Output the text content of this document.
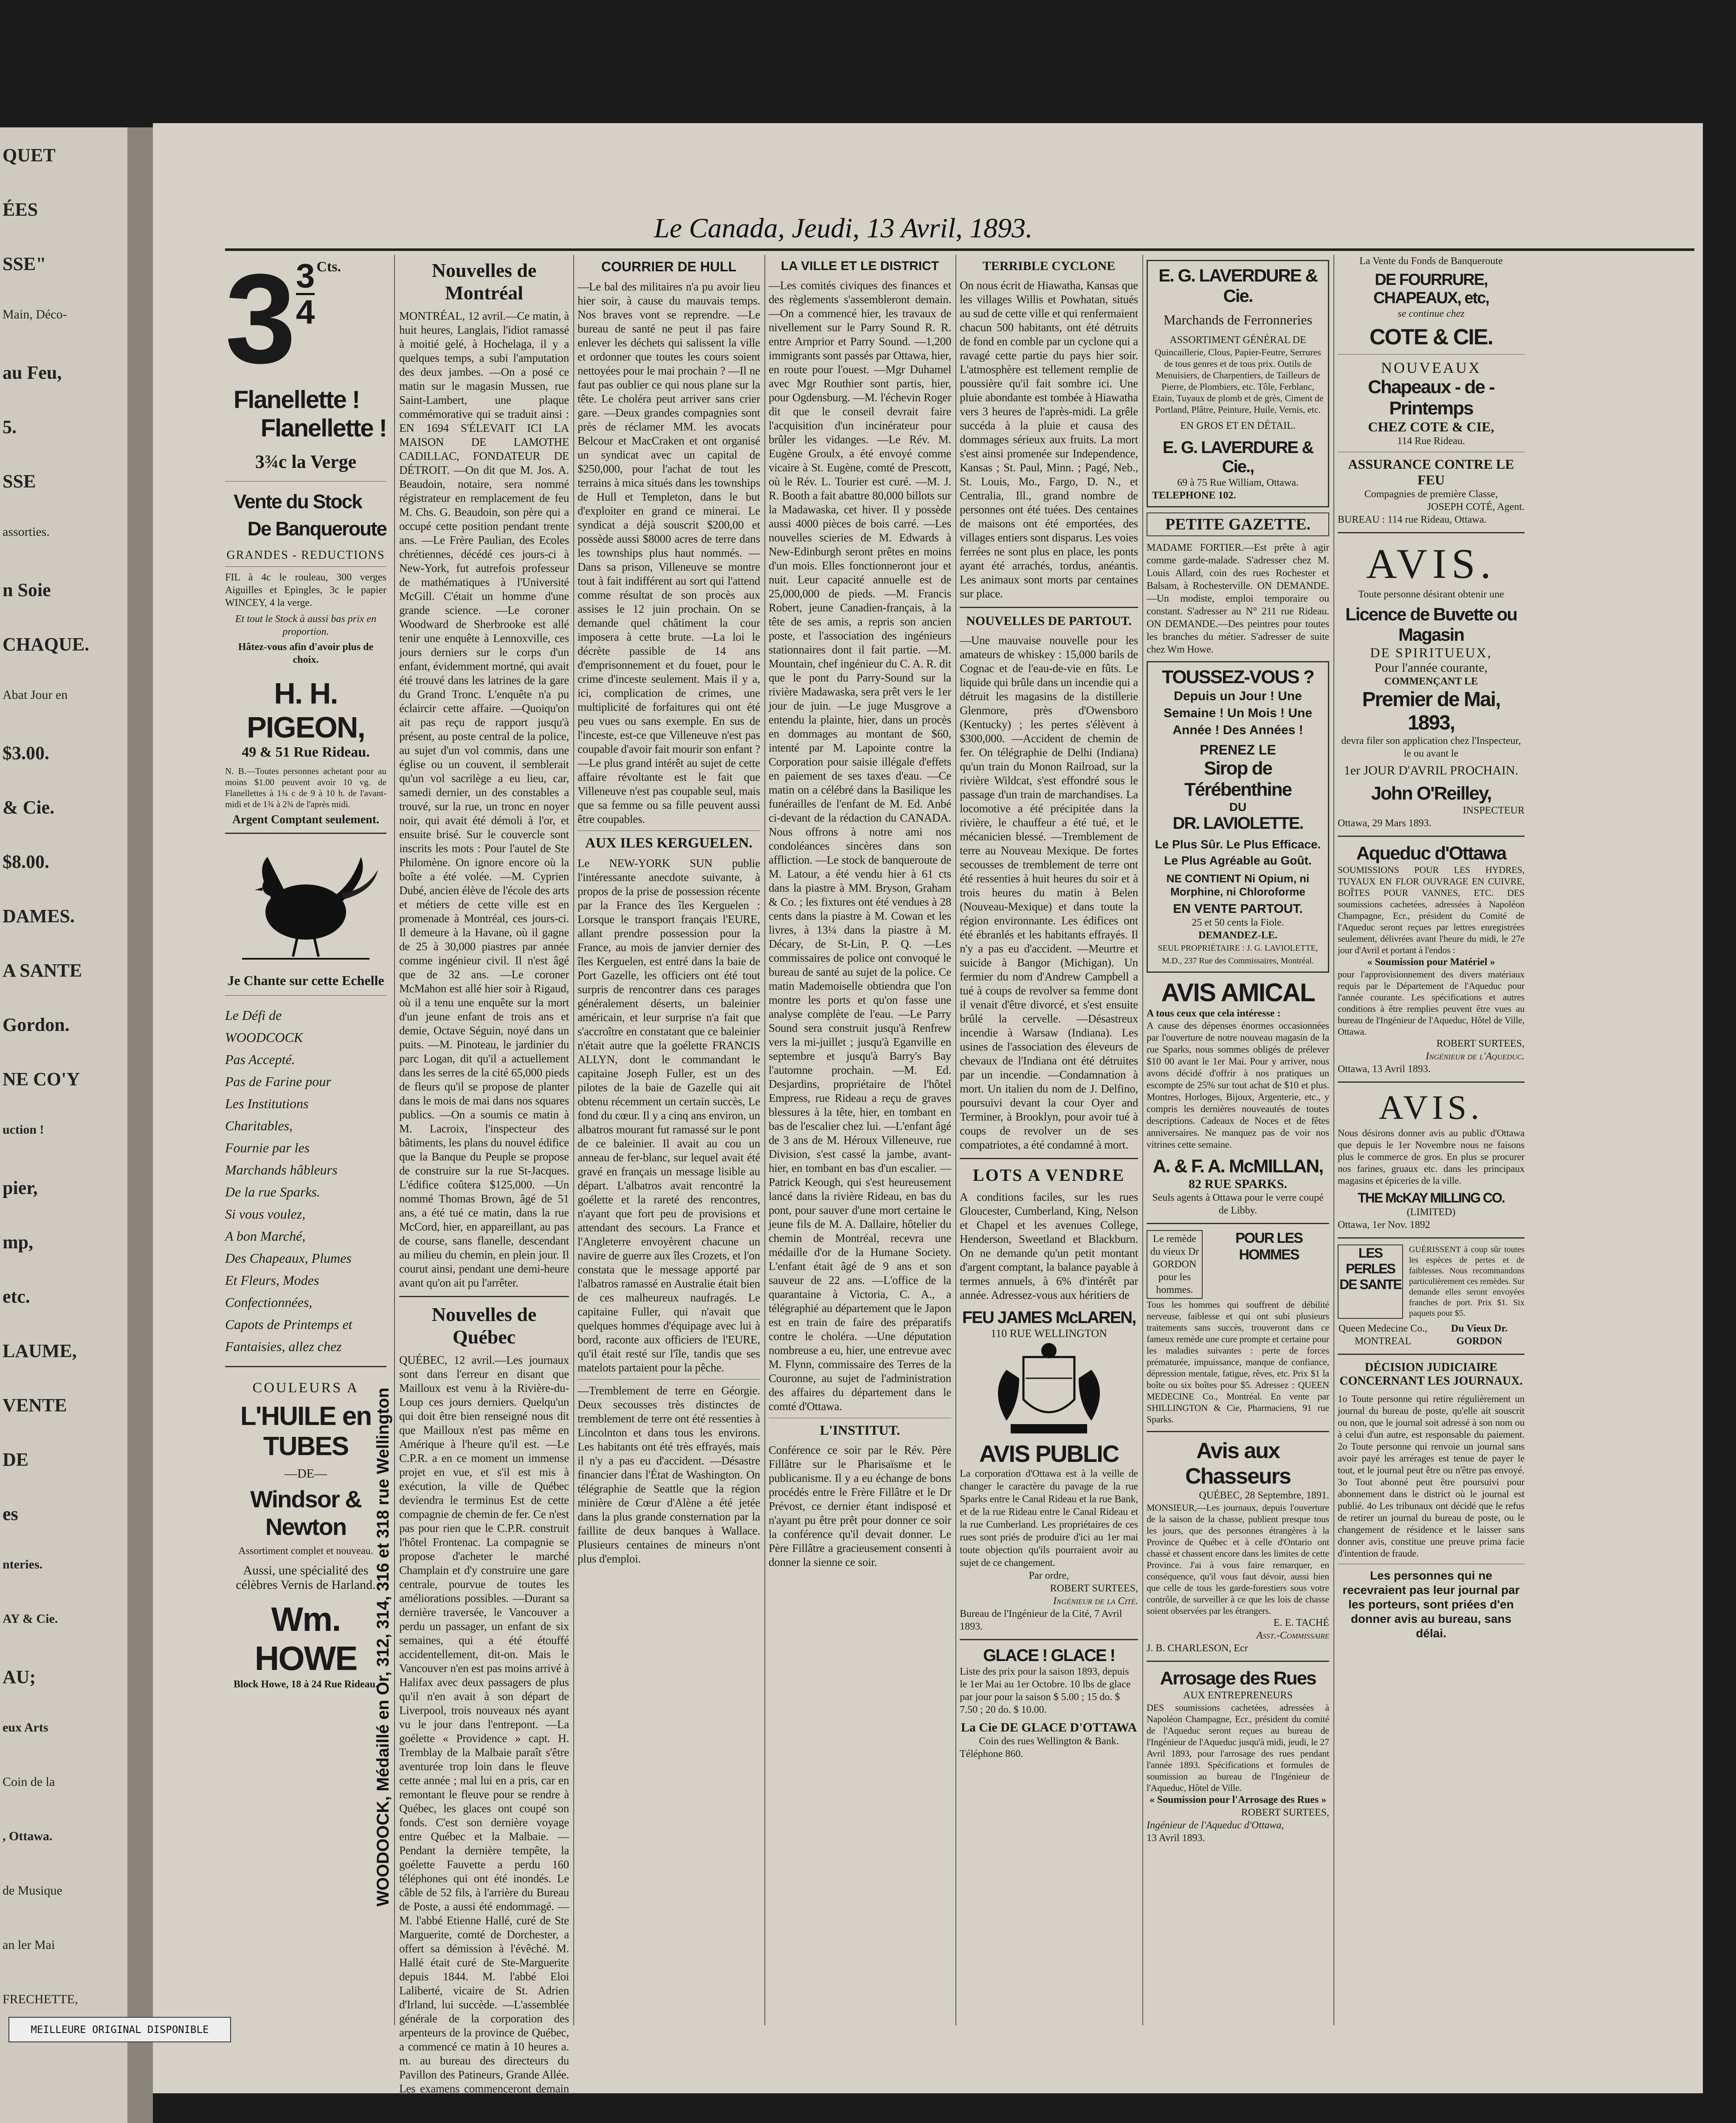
QUET
ÉES
SSE"
Main, Déco-
au Feu,
5.
SSE
assorties.
n Soie
CHAQUE.
Abat Jour en
$3.00.
& Cie.
$8.00.
DAMES.
A SANTE
Gordon.
NE CO'Y
uction !
pier,
mp,
etc.
LAUME,
VENTE
DE
es
nteries.
AY & Cie.
AU;
eux Arts
Coin de la
, Ottawa.
de Musique
an ler Mai
FRECHETTE,
Le Canada, Jeudi, 13 Avril, 1893.
$3 \frac{3}{4}$ Cts.
Flanellette !
Flanellette !
3¾c la Verge
Vente du Stock
De Banqueroute
GRANDES - REDUCTIONS
FIL à 4c le rouleau, 300 verges Aiguilles et Epingles, 3c le papier WINCEY, 4 la verge.
Et tout le Stock à aussi bas prix en proportion.
Hâtez-vous afin d'avoir plus de choix.
H. H. PIGEON,
49 & 51 Rue Rideau.
N. B.—Toutes personnes achetant pour au moins $1.00 peuvent avoir 10 vg. de Flanellettes à 1¾ c de 9 à 10 h. de l'avant-midi et de 1¾ à 2¾ de l'après midi.
Argent Comptant seulement.
Je Chante sur cette Echelle
Le Défi de
WOODCOCK
Pas Accepté.
Pas de Farine pour
Les Institutions
Charitables,
Fournie par les
Marchands hâbleurs
De la rue Sparks.
Si vous voulez,
A bon Marché,
Des Chapeaux, Plumes
Et Fleurs, Modes
Confectionnées,
Capots de Printemps et
Fantaisies, allez chez
COULEURS A
L'HUILE en TUBES
—DE—
Windsor & Newton
Assortiment complet et nouveau.
Aussi, une spécialité des célèbres Vernis de Harland.
Wm. HOWE
Block Howe, 18 à 24 Rue Rideau.
WOODOOCK, Médaillé en Or, 312, 314, 316 et 318 rue Wellington
Nouvelles de Montréal
MONTRÉAL, 12 avril.—Ce matin, à huit heures, Langlais, l'idiot ramassé à moitié gelé, à Hochelaga, il y a quelques temps, a subi l'amputation des deux jambes. —On a posé ce matin sur le magasin Mussen, rue Saint-Lambert, une plaque commémorative qui se traduit ainsi : EN 1694 S'ÉLEVAIT ICI LA MAISON DE LAMOTHE CADILLAC, FONDATEUR DE DÉTROIT. —On dit que M. Jos. A. Beaudoin, notaire, sera nommé régistrateur en remplacement de feu M. Chs. G. Beaudoin, son père qui a occupé cette position pendant trente ans. —Le Frère Paulian, des Ecoles chrétiennes, décédé ces jours-ci à New-York, fut autrefois professeur de mathématiques à l'Université McGill. C'était un homme d'une grande science. —Le coroner Woodward de Sherbrooke est allé tenir une enquête à Lennoxville, ces jours derniers sur le corps d'un enfant, évidemment mortné, qui avait été trouvé dans les latrines de la gare du Grand Tronc. L'enquête n'a pu éclaircir cette affaire. —Quoiqu'on ait pas reçu de rapport jusqu'à présent, au poste central de la police, au sujet d'un vol commis, dans une église ou un couvent, il semblerait qu'un vol sacrilège a eu lieu, car, samedi dernier, un des constables a trouvé, sur la rue, un tronc en noyer noir, qui avait été démoli à l'or, et ensuite brisé. Sur le couvercle sont inscrits les mots : Pour l'autel de Ste Philomène. On ignore encore où la boîte a été volée. —M. Cyprien Dubé, ancien élève de l'école des arts et métiers de cette ville est en promenade à Montréal, ces jours-ci. Il demeure à la Havane, où il gagne de 25 à 30,000 piastres par année comme ingénieur civil. Il n'est âgé que de 32 ans. —Le coroner McMahon est allé hier soir à Rigaud, où il a tenu une enquête sur la mort d'un jeune enfant de trois ans et demie, Octave Séguin, noyé dans un puits. —M. Pinoteau, le jardinier du parc Logan, dit qu'il a actuellement dans les serres de la cité 65,000 pieds de fleurs qu'il se propose de planter dans le mois de mai dans nos squares publics. —On a soumis ce matin à M. Lacroix, l'inspecteur des bâtiments, les plans du nouvel édifice que la Banque du Peuple se propose de construire sur la rue St-Jacques. L'édifice coûtera $125,000. —Un nommé Thomas Brown, âgé de 51 ans, a été tué ce matin, dans la rue McCord, hier, en appareillant, au pas de course, sans flanelle, descendant au milieu du chemin, en plein jour. Il courut ainsi, pendant une demi-heure avant qu'on ait pu l'arrêter.
Nouvelles de Québec
QUÉBEC, 12 avril.—Les journaux sont dans l'erreur en disant que Mailloux est venu à la Rivière-du-Loup ces jours derniers. Quelqu'un qui doit être bien renseigné nous dit que Mailloux n'est pas même en Amérique à l'heure qu'il est. —Le C.P.R. a en ce moment un immense projet en vue, et s'il est mis à exécution, la ville de Québec deviendra le terminus Est de cette compagnie de chemin de fer. Ce n'est pas pour rien que le C.P.R. construit l'hôtel Frontenac. La compagnie se propose d'acheter le marché Champlain et d'y construire une gare centrale, pourvue de toutes les améliorations possibles. —Durant sa dernière traversée, le Vancouver a perdu un passager, un enfant de six semaines, qui a été étouffé accidentellement, dit-on. Mais le Vancouver n'en est pas moins arrivé à Halifax avec deux passagers de plus qu'il n'en avait à son départ de Liverpool, trois nouveaux nés ayant vu le jour dans l'entrepont. —La goélette « Providence » capt. H. Tremblay de la Malbaie paraît s'être aventurée trop loin dans le fleuve cette année ; mal lui en a pris, car en remontant le fleuve pour se rendre à Québec, les glaces ont coupé son fonds. C'est son dernière voyage entre Québec et la Malbaie. —Pendant la dernière tempête, la goélette Fauvette a perdu 160 téléphones qui ont été inondés. Le câble de 52 fils, à l'arrière du Bureau de Poste, a aussi été endommagé. —M. l'abbé Etienne Hallé, curé de Ste Marguerite, comté de Dorchester, a offert sa démission à l'évêché. M. Hallé était curé de Ste-Marguerite depuis 1844. M. l'abbé Eloi Laliberté, vicaire de St. Adrien d'Irland, lui succède. —L'assemblée générale de la corporation des arpenteurs de la province de Québec, a commencé ce matin à 10 heures a. m. au bureau des directeurs du Pavillon des Patineurs, Grande Allée. Les examens commenceront demain à la même heure et à un autre endroit. Il y a quinze candidats. Un grand
COURRIER DE HULL
—Le bal des militaires n'a pu avoir lieu hier soir, à cause du mauvais temps. Nos braves vont se reprendre. —Le bureau de santé ne peut il pas faire enlever les déchets qui salissent la ville et ordonner que toutes les cours soient nettoyées pour le mai prochain ? —Il ne faut pas oublier ce qui nous plane sur la tête. Le choléra peut arriver sans crier gare. —Deux grandes compagnies sont près de réclamer MM. les avocats Belcour et MacCraken et ont organisé un syndicat avec un capital de $250,000, pour l'achat de tout les terrains à mica situés dans les townships de Hull et Templeton, dans le but d'exploiter en grand ce minerai. Le syndicat a déjà souscrit $200,00 et possède aussi $8000 acres de terre dans les townships plus haut nommés. —Dans sa prison, Villeneuve se montre tout à fait indifférent au sort qui l'attend comme résultat de son procès aux assises le 12 juin prochain. On se demande quel châtiment la cour imposera à cette brute. —La loi le décrète passible de 14 ans d'emprisonnement et du fouet, pour le crime d'inceste seulement. Mais il y a, ici, complication de crimes, une multiplicité de forfaitures qui ont été peu vues ou sans exemple. En sus de l'inceste, est-ce que Villeneuve n'est pas coupable d'avoir fait mourir son enfant ? —Le plus grand intérêt au sujet de cette affaire révoltante est le fait que Villeneuve n'est pas coupable seul, mais que sa femme ou sa fille peuvent aussi être coupables.
AUX ILES KERGUELEN.
Le NEW-YORK SUN publie l'intéressante anecdote suivante, à propos de la prise de possession récente par la France des îles Kerguelen : Lorsque le transport français l'EURE, allant prendre possession pour la France, au mois de janvier dernier des îles Kerguelen, est entré dans la baie de Port Gazelle, les officiers ont été tout surpris de rencontrer dans ces parages généralement déserts, un baleinier américain, et leur surprise n'a fait que s'accroître en constatant que ce baleinier n'était autre que la goélette FRANCIS ALLYN, dont le commandant le capitaine Joseph Fuller, est un des pilotes de la baie de Gazelle qui ait obtenu récemment un certain succès, Le fond du cœur. Il y a cinq ans environ, un albatros mourant fut ramassé sur le pont de ce baleinier. Il avait au cou un anneau de fer-blanc, sur lequel avait été gravé en français un message lisible au départ. L'albatros avait rencontré la goélette et la rareté des rencontres, n'ayant que fort peu de provisions et attendant des secours. La France et l'Angleterre envoyèrent chacune un navire de guerre aux îles Crozets, et l'on constata que le message apporté par l'albatros ramassé en Australie était bien de ces malheureux naufragés. Le capitaine Fuller, qui n'avait que quelques hommes d'équipage avec lui à bord, raconte aux officiers de l'EURE, qu'il était resté sur l'île, tandis que ses matelots partaient pour la pêche.
—Tremblement de terre en Géorgie. Deux secousses très distinctes de tremblement de terre ont été ressenties à Lincolnton et dans tous les environs. Les habitants ont été très effrayés, mais il n'y a pas eu d'accident. —Désastre financier dans l'État de Washington. On télégraphie de Seattle que la région minière de Cœur d'Alène a été jetée dans la plus grande consternation par la faillite de deux banques à Wallace. Plusieurs centaines de mineurs n'ont plus d'emploi.
LA VILLE ET LE DISTRICT
—Les comités civiques des finances et des règlements s'assembleront demain. —On a commencé hier, les travaux de nivellement sur le Parry Sound R. R. entre Arnprior et Parry Sound. —1,200 immigrants sont passés par Ottawa, hier, en route pour l'ouest. —Mgr Duhamel avec Mgr Routhier sont partis, hier, pour Ogdensburg. —M. l'échevin Roger dit que le conseil devrait faire l'acquisition d'un incinérateur pour brûler les vidanges. —Le Rév. M. Eugène Groulx, a été envoyé comme vicaire à St. Eugène, comté de Prescott, où le Rév. L. Tourier est curé. —M. J. R. Booth a fait abattre 80,000 billots sur la Madawaska, cet hiver. Il y possède aussi 4000 pièces de bois carré. —Les nouvelles scieries de M. Edwards à New-Edinburgh seront prêtes en moins d'un mois. Elles fonctionneront jour et nuit. Leur capacité annuelle est de 25,000,000 de pieds. —M. Francis Robert, jeune Canadien-français, à la tête de ses amis, a repris son ancien poste, et l'association des ingénieurs stationnaires dont il fait partie. —M. Mountain, chef ingénieur du C. A. R. dit que le pont du Parry-Sound sur la rivière Madawaska, sera prêt vers le 1er jour de juin. —Le juge Musgrove a entendu la plainte, hier, dans un procès en dommages au montant de $60, intenté par M. Lapointe contre la Corporation pour saisie illégale d'effets en paiement de ses taxes d'eau. —Ce matin on a célébré dans la Basilique les funérailles de l'enfant de M. Ed. Anbé ci-devant de la rédaction du CANADA. Nous offrons à notre ami nos condoléances sincères dans son affliction. —Le stock de banqueroute de M. Latour, a été vendu hier à 61 cts dans la piastre à MM. Bryson, Graham & Co. ; les fixtures ont été vendues à 28 cents dans la piastre à M. Cowan et les livres, à 13¼ dans la piastre à M. Décary, de St-Lin, P. Q. —Les commissaires de police ont convoqué le bureau de santé au sujet de la police. Ce matin Mademoiselle obtiendra que l'on montre les ports et qu'on fasse une analyse complète de l'eau. —Le Parry Sound sera construit jusqu'à Renfrew vers la mi-juillet ; jusqu'à Eganville en septembre et jusqu'à Barry's Bay l'automne prochain. —M. Ed. Desjardins, propriétaire de l'hôtel Empress, rue Rideau a reçu de graves blessures à la tête, hier, en tombant en bas de l'escalier chez lui. —L'enfant âgé de 3 ans de M. Héroux Villeneuve, rue Division, s'est cassé la jambe, avant-hier, en tombant en bas d'un escalier. —Patrick Keough, qui s'est heureusement lancé dans la rivière Rideau, en bas du pont, pour sauver d'une mort certaine le jeune fils de M. A. Dallaire, hôtelier du chemin de Montréal, recevra une médaille d'or de la Humane Society. L'enfant était âgé de 9 ans et son sauveur de 22 ans. —L'office de la quarantaine à Victoria, C. A., a télégraphié au département que le Japon est en train de faire des préparatifs contre le choléra. —Une députation nombreuse a eu, hier, une entrevue avec M. Flynn, commissaire des Terres de la Couronne, au sujet de l'administration des affaires du département dans le comté d'Ottawa.
L'INSTITUT.
Conférence ce soir par le Rév. Père Fillâtre sur le Pharisaïsme et le publicanisme. Il y a eu échange de bons procédés entre le Frère Fillâtre et le Dr Prévost, ce dernier étant indisposé et n'ayant pu être prêt pour donner ce soir la conférence qu'il devait donner. Le Père Fillâtre a gracieusement consenti à donner la sienne ce soir.
TERRIBLE CYCLONE
On nous écrit de Hiawatha, Kansas que les villages Willis et Powhatan, situés au sud de cette ville et qui renfermaient chacun 500 habitants, ont été détruits de fond en comble par un cyclone qui a ravagé cette partie du pays hier soir. L'atmosphère est tellement remplie de poussière qu'il fait sombre ici. Une pluie abondante est tombée à Hiawatha vers 3 heures de l'après-midi. La grêle succéda à la pluie et causa des dommages sérieux aux fruits. La mort s'est ainsi promenée sur Independence, Kansas ; St. Paul, Minn. ; Pagé, Neb., St. Louis, Mo., Fargo, D. N., et Centralia, Ill., grand nombre de personnes ont été tuées. Des centaines de maisons ont été emportées, des villages entiers sont disparus. Les voies ferrées ne sont plus en place, les ponts ayant été arrachés, tordus, anéantis. Les animaux sont morts par centaines sur place.
NOUVELLES DE PARTOUT.
—Une mauvaise nouvelle pour les amateurs de whiskey : 15,000 barils de Cognac et de l'eau-de-vie en fûts. Le liquide qui brûle dans un incendie qui a détruit les magasins de la distillerie Glenmore, près d'Owensboro (Kentucky) ; les pertes s'élèvent à $300,000. —Accident de chemin de fer. On télégraphie de Delhi (Indiana) qu'un train du Monon Railroad, sur la rivière Wildcat, s'est effondré sous le passage d'un train de marchandises. La locomotive a été précipitée dans la rivière, le chauffeur a été tué, et le mécanicien blessé. —Tremblement de terre au Nouveau Mexique. De fortes secousses de tremblement de terre ont été ressenties à huit heures du soir et à trois heures du matin à Belen (Nouveau-Mexique) et dans toute la région environnante. Les édifices ont été ébranlés et les habitants effrayés. Il n'y a pas eu d'accident. —Meurtre et suicide à Bangor (Michigan). Un fermier du nom d'Andrew Campbell a tué à coups de revolver sa femme dont il venait d'être divorcé, et s'est ensuite brûlé la cervelle. —Désastreux incendie à Warsaw (Indiana). Les usines de l'association des éleveurs de chevaux de l'Indiana ont été détruites par un incendie. —Condamnation à mort. Un italien du nom de J. Delfino, poursuivi devant la cour Oyer and Terminer, à Brooklyn, pour avoir tué à coups de revolver un de ses compatriotes, a été condamné à mort.
LOTS A VENDRE
A conditions faciles, sur les rues Gloucester, Cumberland, King, Nelson et Chapel et les avenues College, Henderson, Sweetland et Blackburn. On ne demande qu'un petit montant d'argent comptant, la balance payable à termes annuels, à 6% d'intérêt par année. Adressez-vous aux héritiers de
FEU JAMES McLAREN,
110 RUE WELLINGTON
AVIS PUBLIC
La corporation d'Ottawa est à la veille de changer le caractère du pavage de la rue Sparks entre le Canal Rideau et la rue Bank, et de la rue Rideau entre le Canal Rideau et la rue Cumberland. Les propriétaires de ces rues sont priés de produire d'ici au 1er mai toute objection qu'ils pourraient avoir au sujet de ce changement.
Par ordre,
ROBERT SURTEES,
Ingénieur de la Cité.
Bureau de l'Ingénieur de la Cité, 7 Avril 1893.
GLACE ! GLACE !
Liste des prix pour la saison 1893, depuis le 1er Mai au 1er Octobre. 10 lbs de glace par jour pour la saison $ 5.00 ; 15 do. $ 7.50 ; 20 do. $ 10.00.
La Cie DE GLACE D'OTTAWA
Coin des rues Wellington & Bank.
Téléphone 860.
E. G. LAVERDURE & Cie.
Marchands de Ferronneries
ASSORTIMENT GÉNÉRAL DE
Quincaillerie, Clous, Papier-Feutre, Serrures de tous genres et de tous prix. Outils de Menuisiers, de Charpentiers, de Tailleurs de Pierre, de Plombiers, etc. Tôle, Ferblanc, Etain, Tuyaux de plomb et de grès, Ciment de Portland, Plâtre, Peinture, Huile, Vernis, etc.
EN GROS ET EN DÉTAIL.
E. G. LAVERDURE & Cie.,
69 à 75 Rue William, Ottawa.
TELEPHONE 102.
PETITE GAZETTE.
MADAME FORTIER.—Est prête à agir comme garde-malade. S'adresser chez M. Louis Allard, coin des rues Rochester et Balsam, à Rochesterville. ON DEMANDE.—Un modiste, emploi temporaire ou constant. S'adresser au N° 211 rue Rideau. ON DEMANDE.—Des peintres pour toutes les branches du métier. S'adresser de suite chez Wm Howe.
TOUSSEZ-VOUS ?
Depuis un Jour ! Une Semaine ! Un Mois ! Une Année ! Des Années !
PRENEZ LE
Sirop de Térébenthine
DU
DR. LAVIOLETTE.
Le Plus Sûr. Le Plus Efficace. Le Plus Agréable au Goût.
NE CONTIENT Ni Opium, ni Morphine, ni Chloroforme
EN VENTE PARTOUT.
25 et 50 cents la Fiole.
DEMANDEZ-LE.
SEUL PROPRIÉTAIRE : J. G. LAVIOLETTE, M.D., 237 Rue des Commissaires, Montréal.
AVIS AMICAL
A tous ceux que cela intéresse :
A cause des dépenses énormes occasionnées par l'ouverture de notre nouveau magasin de la rue Sparks, nous sommes obligés de prélever $10 00 avant le 1er Mai. Pour y arriver, nous avons décidé d'offrir à nos pratiques un escompte de 25% sur tout achat de $10 et plus. Montres, Horloges, Bijoux, Argenterie, etc., y compris les dernières nouveautés de toutes descriptions. Cadeaux de Noces et de fêtes anniversaires. Ne manquez pas de voir nos vitrines cette semaine.
A. & F. A. McMILLAN,
82 RUE SPARKS.
Seuls agents à Ottawa pour le verre coupé de Libby.
Le remède du vieux Dr GORDON pour les hommes.
POUR LES HOMMES
Tous les hommes qui souffrent de débilité nerveuse, faiblesse et qui ont subi plusieurs traitements sans succès, trouveront dans ce fameux remède une cure prompte et certaine pour les maladies suivantes : perte de forces prématurée, impuissance, manque de confiance, dépression mentale, fatigue, rêves, etc. Prix $1 la boîte ou six boîtes pour $5. Adressez : QUEEN MEDECINE Co., Montréal. En vente par SHILLINGTON & Cie, Pharmaciens, 91 rue Sparks.
Avis aux Chasseurs
QUÉBEC, 28 Septembre, 1891.
MONSIEUR,—Les journaux, depuis l'ouverture de la saison de la chasse, publient presque tous les jours, que des personnes étrangères à la Province de Québec et à celle d'Ontario ont chassé et chassent encore dans les limites de cette Province. J'ai à vous faire remarquer, en conséquence, qu'il vous faut dévoir, aussi bien que celle de tous les garde-forestiers sous votre contrôle, de surveiller à ce que les lois de chasse soient observées par les étrangers.
E. E. TACHÉ
Asst.-Commissaire
J. B. CHARLESON, Ecr
Arrosage des Rues
AUX ENTREPRENEURS
DES soumissions cachetées, adressées à Napoléon Champagne, Ecr., président du comité de l'Aqueduc seront reçues au bureau de l'Ingénieur de l'Aqueduc jusqu'à midi, jeudi, le 27 Avril 1893, pour l'arrosage des rues pendant l'année 1893. Spécifications et formules de soumission au bureau de l'Ingénieur de l'Aqueduc, Hôtel de Ville.
« Soumission pour l'Arrosage des Rues »
ROBERT SURTEES,
Ingénieur de l'Aqueduc d'Ottawa,
13 Avril 1893.
La Vente du Fonds de Banqueroute
DE FOURRURE, CHAPEAUX, etc,
se continue chez
COTE & CIE.
NOUVEAUX
Chapeaux - de - Printemps
CHEZ COTE & CIE,
114 Rue Rideau.
ASSURANCE CONTRE LE FEU
Compagnies de première Classe,
JOSEPH COTÉ, Agent.
BUREAU : 114 rue Rideau, Ottawa.
AVIS.
Toute personne désirant obtenir une
Licence de Buvette ou Magasin
DE SPIRITUEUX,
Pour l'année courante,
COMMENÇANT LE
Premier de Mai, 1893,
devra filer son application chez l'Inspecteur, le ou avant le
1er JOUR D'AVRIL PROCHAIN.
John O'Reilley,
INSPECTEUR
Ottawa, 29 Mars 1893.
Aqueduc d'Ottawa
SOUMISSIONS POUR LES HYDRES, TUYAUX EN FLOR OUVRAGE EN CUIVRE, BOÎTES POUR VANNES, ETC. DES soumissions cachetées, adressées à Napoléon Champagne, Ecr., président du Comité de l'Aqueduc seront reçues par lettres enregistrées seulement, délivrées avant l'heure du midi, le 27e jour d'Avril et portant à l'endos :
« Soumission pour Matériel »
pour l'approvisionnement des divers matériaux requis par le Département de l'Aqueduc pour l'année courante. Les spécifications et autres conditions à être remplies peuvent être vues au bureau de l'Ingénieur de l'Aqueduc, Hôtel de Ville, Ottawa.
ROBERT SURTEES,
Ingénieur de l'Aqueduc.
Ottawa, 13 Avril 1893.
AVIS.
Nous désirons donner avis au public d'Ottawa que depuis le 1er Novembre nous ne faisons plus le commerce de gros. En plus se procurer nos farines, gruaux etc. dans les principaux magasins et épiceries de la ville.
THE McKAY MILLING CO.
(LIMITED)
Ottawa, 1er Nov. 1892
LES PERLES DE SANTE
GUÉRISSENT à coup sûr toutes les espèces de pertes et de faiblesses. Nous recommandons particulièrement ces remèdes. Sur demande elles seront envoyées franches de port. Prix $1. Six paquets pour $5.
Queen Medecine Co., MONTREAL
Du Vieux Dr. GORDON
DÉCISION JUDICIAIRE CONCERNANT LES JOURNAUX.
1o Toute personne qui retire régulièrement un journal du bureau de poste, qu'elle ait souscrit ou non, que le journal soit adressé à son nom ou à celui d'un autre, est responsable du paiement. 2o Toute personne qui renvoie un journal sans avoir payé les arrérages est tenue de payer le tout, et le journal peut être ou n'être pas envoyé. 3o Tout abonné peut être poursuivi pour abonnement dans le district où le journal est publié. 4o Les tribunaux ont décidé que le refus de retirer un journal du bureau de poste, ou le changement de résidence et le laisser sans donner avis, constitue une preuve prima facie d'intention de fraude.
Les personnes qui ne recevraient pas leur journal par les porteurs, sont priées d'en donner avis au bureau, sans délai.
MEILLEURE ORIGINAL DISPONIBLE
